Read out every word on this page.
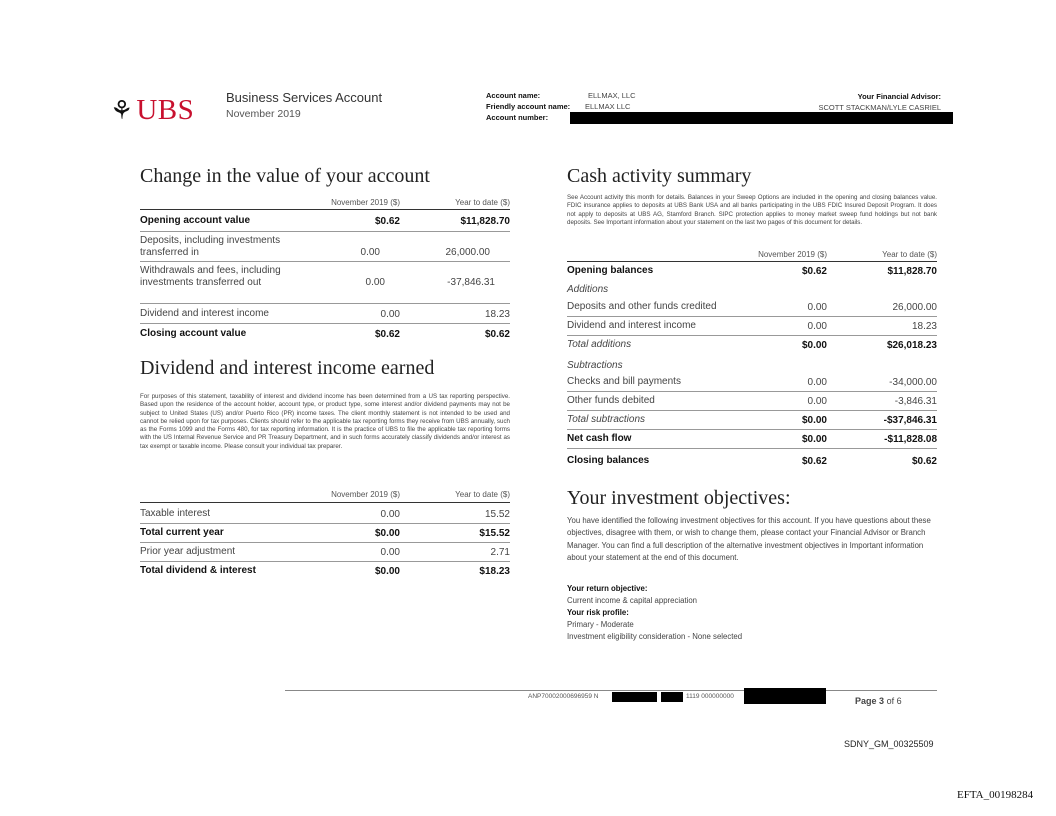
⚘ UBS Business Services Account
November 2019
Account name:	ELLMAX, LLC
Friendly account name: ELLMAX LLC
Account number:
Your Financial Advisor:
SCOTT STACKMAN/LYLE CASRIEL
Change in the value of your account
November 2019 ($)	Year to date ($)
Opening account value	$0.62	$11,828.70
Deposits, including investments transferred in	0.00	26,000.00
Withdrawals and fees, including investments transferred out	0.00	-37,846.31
Dividend and interest income	0.00	18.23
Closing account value	$0.62	$0.62
Dividend and interest income earned
For purposes of this statement, taxability of interest and dividend income has been determined from a US tax reporting perspective. Based upon the residence of the account holder, account type, or product type, some interest and/or dividend payments may not be subject to United States (US) and/or Puerto Rico (PR) income taxes. The client monthly statement is not intended to be used and cannot be relied upon for tax purposes. Clients should refer to the applicable tax reporting forms they receive from UBS annually, such as the Forms 1099 and the Forms 480, for tax reporting information. It is the practice of UBS to file the applicable tax reporting forms with the US Internal Revenue Service and PR Treasury Department, and in such forms accurately classify dividends and/or interest as tax exempt or taxable income. Please consult your individual tax preparer.
November 2019 ($)	Year to date ($)
Taxable interest	0.00	15.52
Total current year	$0.00	$15.52
Prior year adjustment	0.00	2.71
Total dividend & interest	$0.00	$18.23
Cash activity summary
See Account activity this month for details. Balances in your Sweep Options are included in the opening and closing balances value. FDIC insurance applies to deposits at UBS Bank USA and all banks participating in the UBS FDIC Insured Deposit Program. It does not apply to deposits at UBS AG, Stamford Branch. SIPC protection applies to money market sweep fund holdings but not bank deposits. See Important information about your statement on the last two pages of this document for details.
November 2019 ($)	Year to date ($)
Opening balances	$0.62	$11,828.70
Additions
Deposits and other funds credited	0.00	26,000.00
Dividend and interest income	0.00	18.23
Total additions	$0.00	$26,018.23
Subtractions
Checks and bill payments	0.00	-34,000.00
Other funds debited	0.00	-3,846.31
Total subtractions	$0.00	-$37,846.31
Net cash flow	$0.00	-$11,828.08
Closing balances	$0.62	$0.62
Your investment objectives:
You have identified the following investment objectives for this account. If you have questions about these objectives, disagree with them, or wish to change them, please contact your Financial Advisor or Branch Manager. You can find a full description of the alternative investment objectives in Important information about your statement at the end of this document.
Your return objective:
Current income & capital appreciation
Your risk profile:
Primary - Moderate
Investment eligibility consideration - None selected
ANP70002000696959 N	1119 000000000	Page 3 of 6
SDNY_GM_00325509
EFTA_00198284
